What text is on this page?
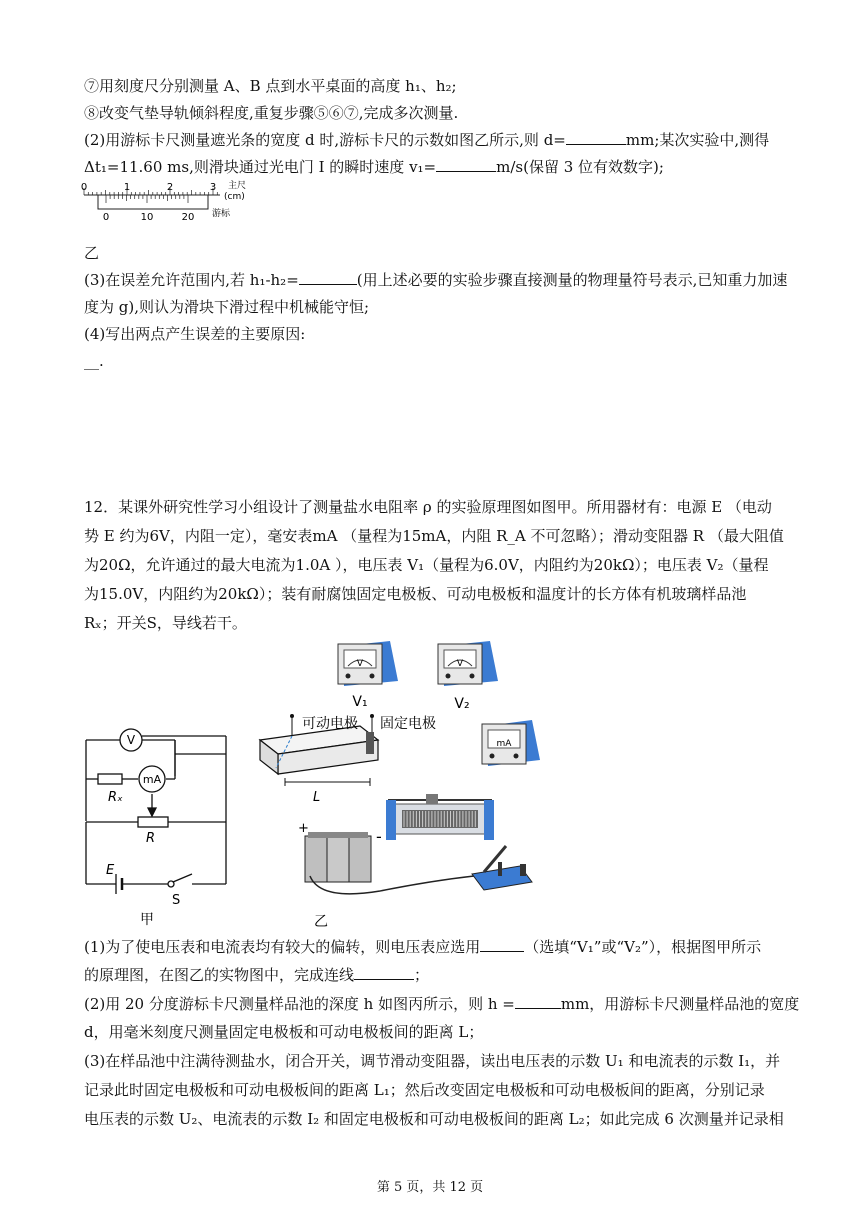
⑦用刻度尺分别测量 A、B 点到水平桌面的高度 h₁、h₂;
⑧改变气垫导轨倾斜程度,重复步骤⑤⑥⑦,完成多次测量.
(2)用游标卡尺测量遮光条的宽度 d 时,游标卡尺的示数如图乙所示,则 d=	mm;某次实验中,测得
Δt₁=11.60 ms,则滑块通过光电门 Ⅰ 的瞬时速度 v₁=	m/s(保留 3 位有效数字);
0	1	2	3 主尺
(cm)
0	10	20 游标
乙
(3)在误差允许范围内,若 h₁-h₂=	(用上述必要的实验步骤直接测量的物理量符号表示,已知重力加速
度为 g),则认为滑块下滑过程中机械能守恒;
(4)写出两点产生误差的主要原因:
__.
12．某课外研究性学习小组设计了测量盐水电阻率 ρ 的实验原理图如图甲。所用器材有：电源 E （电动
势 E 约为6V，内阻一定），毫安表mA （量程为15mA，内阻 R_A 不可忽略）；滑动变阻器 R （最大阻值
为20Ω，允许通过的最大电流为1.0A ），电压表 V₁（量程为6.0V，内阻约为20kΩ）；电压表 V₂（量程
为15.0V，内阻约为20kΩ）；装有耐腐蚀固定电极板、可动电极板和温度计的长方体有机玻璃样品池
Rₓ；开关S，导线若干。
V
mA
Rₓ
R
E
S
甲
可动电极 固定电极
L
V
V₁
V
V₂
mA
+	-
乙
(1)为了使电压表和电流表均有较大的偏转，则电压表应选用	（选填“V₁”或“V₂”），根据图甲所示
的原理图，在图乙的实物图中，完成连线	；
(2)用 20 分度游标卡尺测量样品池的深度 h 如图丙所示，则 h =	mm，用游标卡尺测量样品池的宽度
d，用毫米刻度尺测量固定电极板和可动电极板间的距离 L；
(3)在样品池中注满待测盐水，闭合开关，调节滑动变阻器，读出电压表的示数 U₁ 和电流表的示数 I₁，并
记录此时固定电极板和可动电极板间的距离 L₁；然后改变固定电极板和可动电极板间的距离，分别记录
电压表的示数 U₂、电流表的示数 I₂ 和固定电极板和可动电极板间的距离 L₂；如此完成 6 次测量并记录相
第 5 页，共 12 页
